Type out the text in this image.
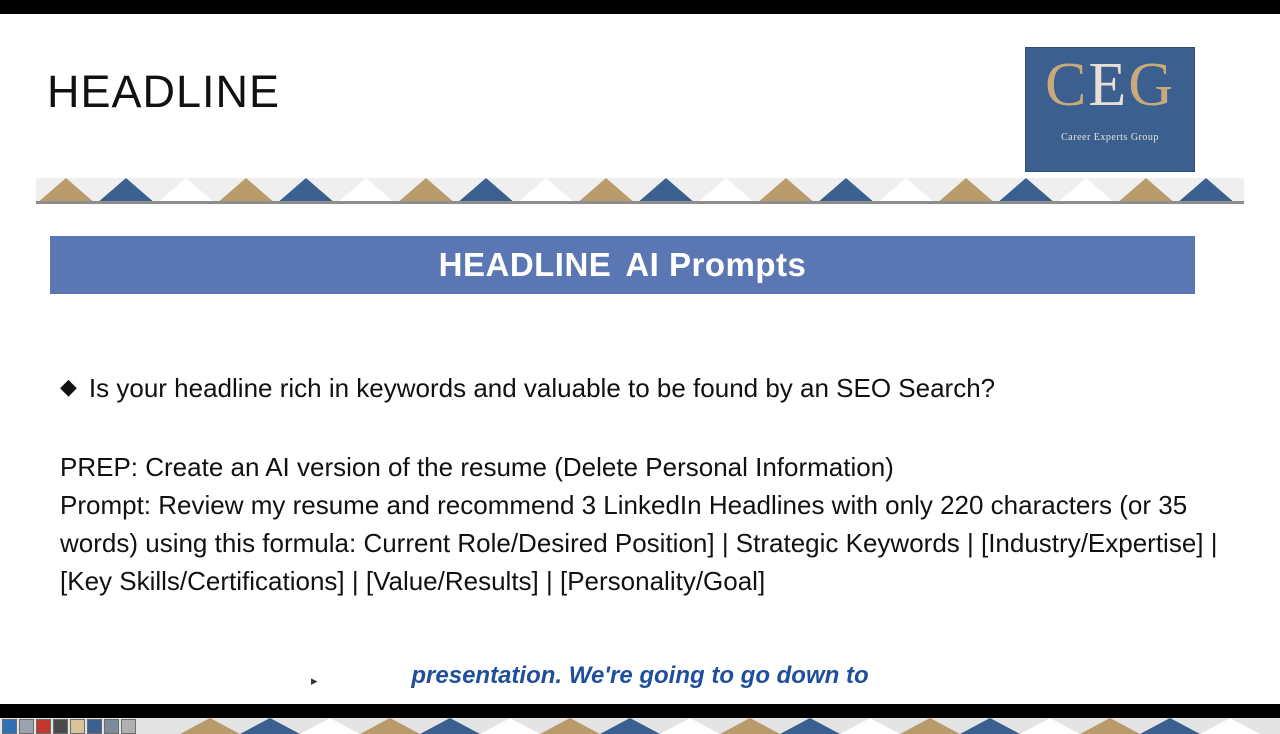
HEADLINE	CEG
Career Experts Group
HEADLINE AI Prompts
◆ Is your headline rich in keywords and valuable to be found by an SEO Search?
PREP: Create an AI version of the resume (Delete Personal Information)
Prompt: Review my resume and recommend 3 LinkedIn Headlines with only 220 characters (or 35 words) using this formula: Current Role/Desired Position] | Strategic Keywords | [Industry/Expertise] | [Key Skills/Certifications] | [Value/Results] | [Personality/Goal]
presentation. We're going to go down to
▸
